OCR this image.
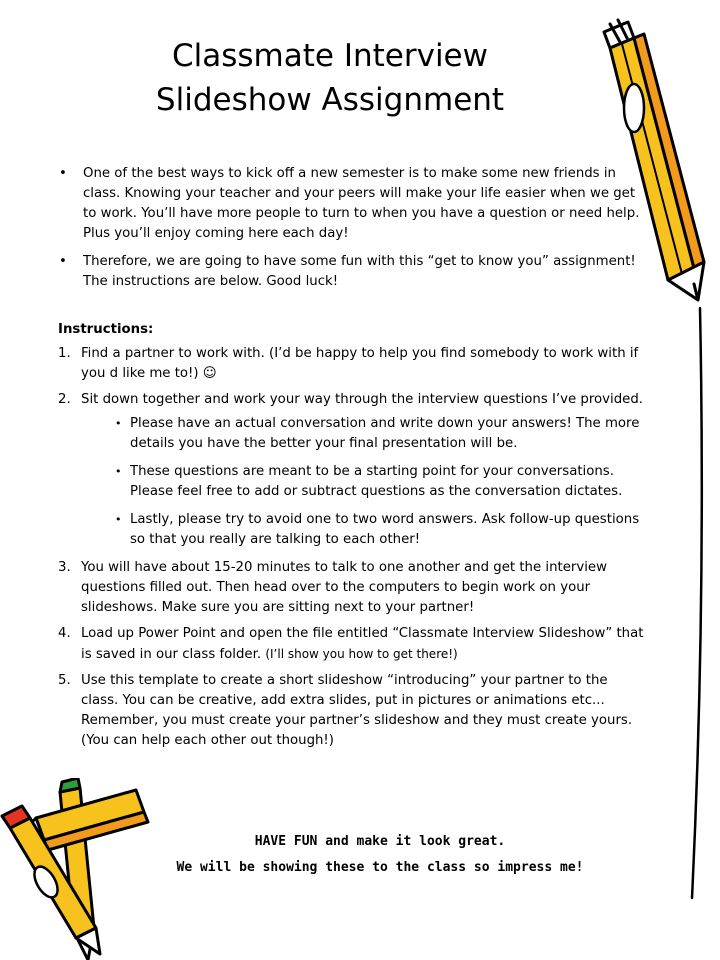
Classmate Interview
Slideshow Assignment
• One of the best ways to kick off a new semester is to make some new friends in class. Knowing your teacher and your peers will make your life easier when we get to work. You’ll have more people to turn to when you have a question or need help. Plus you’ll enjoy coming here each day!
• Therefore, we are going to have some fun with this “get to know you” assignment! The instructions are below. Good luck!
Instructions:
1. Find a partner to work with. (I’d be happy to help you find somebody to work with if you d like me to!) ☺
2. Sit down together and work your way through the interview questions I’ve provided.
• Please have an actual conversation and write down your answers! The more details you have the better your final presentation will be.
• These questions are meant to be a starting point for your conversations. Please feel free to add or subtract questions as the conversation dictates.
• Lastly, please try to avoid one to two word answers. Ask follow-up questions so that you really are talking to each other!
3. You will have about 15-20 minutes to talk to one another and get the interview questions filled out. Then head over to the computers to begin work on your slideshows. Make sure you are sitting next to your partner!
4. Load up Power Point and open the file entitled “Classmate Interview Slideshow” that is saved in our class folder. (I’ll show you how to get there!)
5. Use this template to create a short slideshow “introducing” your partner to the class. You can be creative, add extra slides, put in pictures or animations etc... Remember, you must create your partner’s slideshow and they must create yours. (You can help each other out though!)
HAVE FUN and make it look great.
We will be showing these to the class so impress me!
